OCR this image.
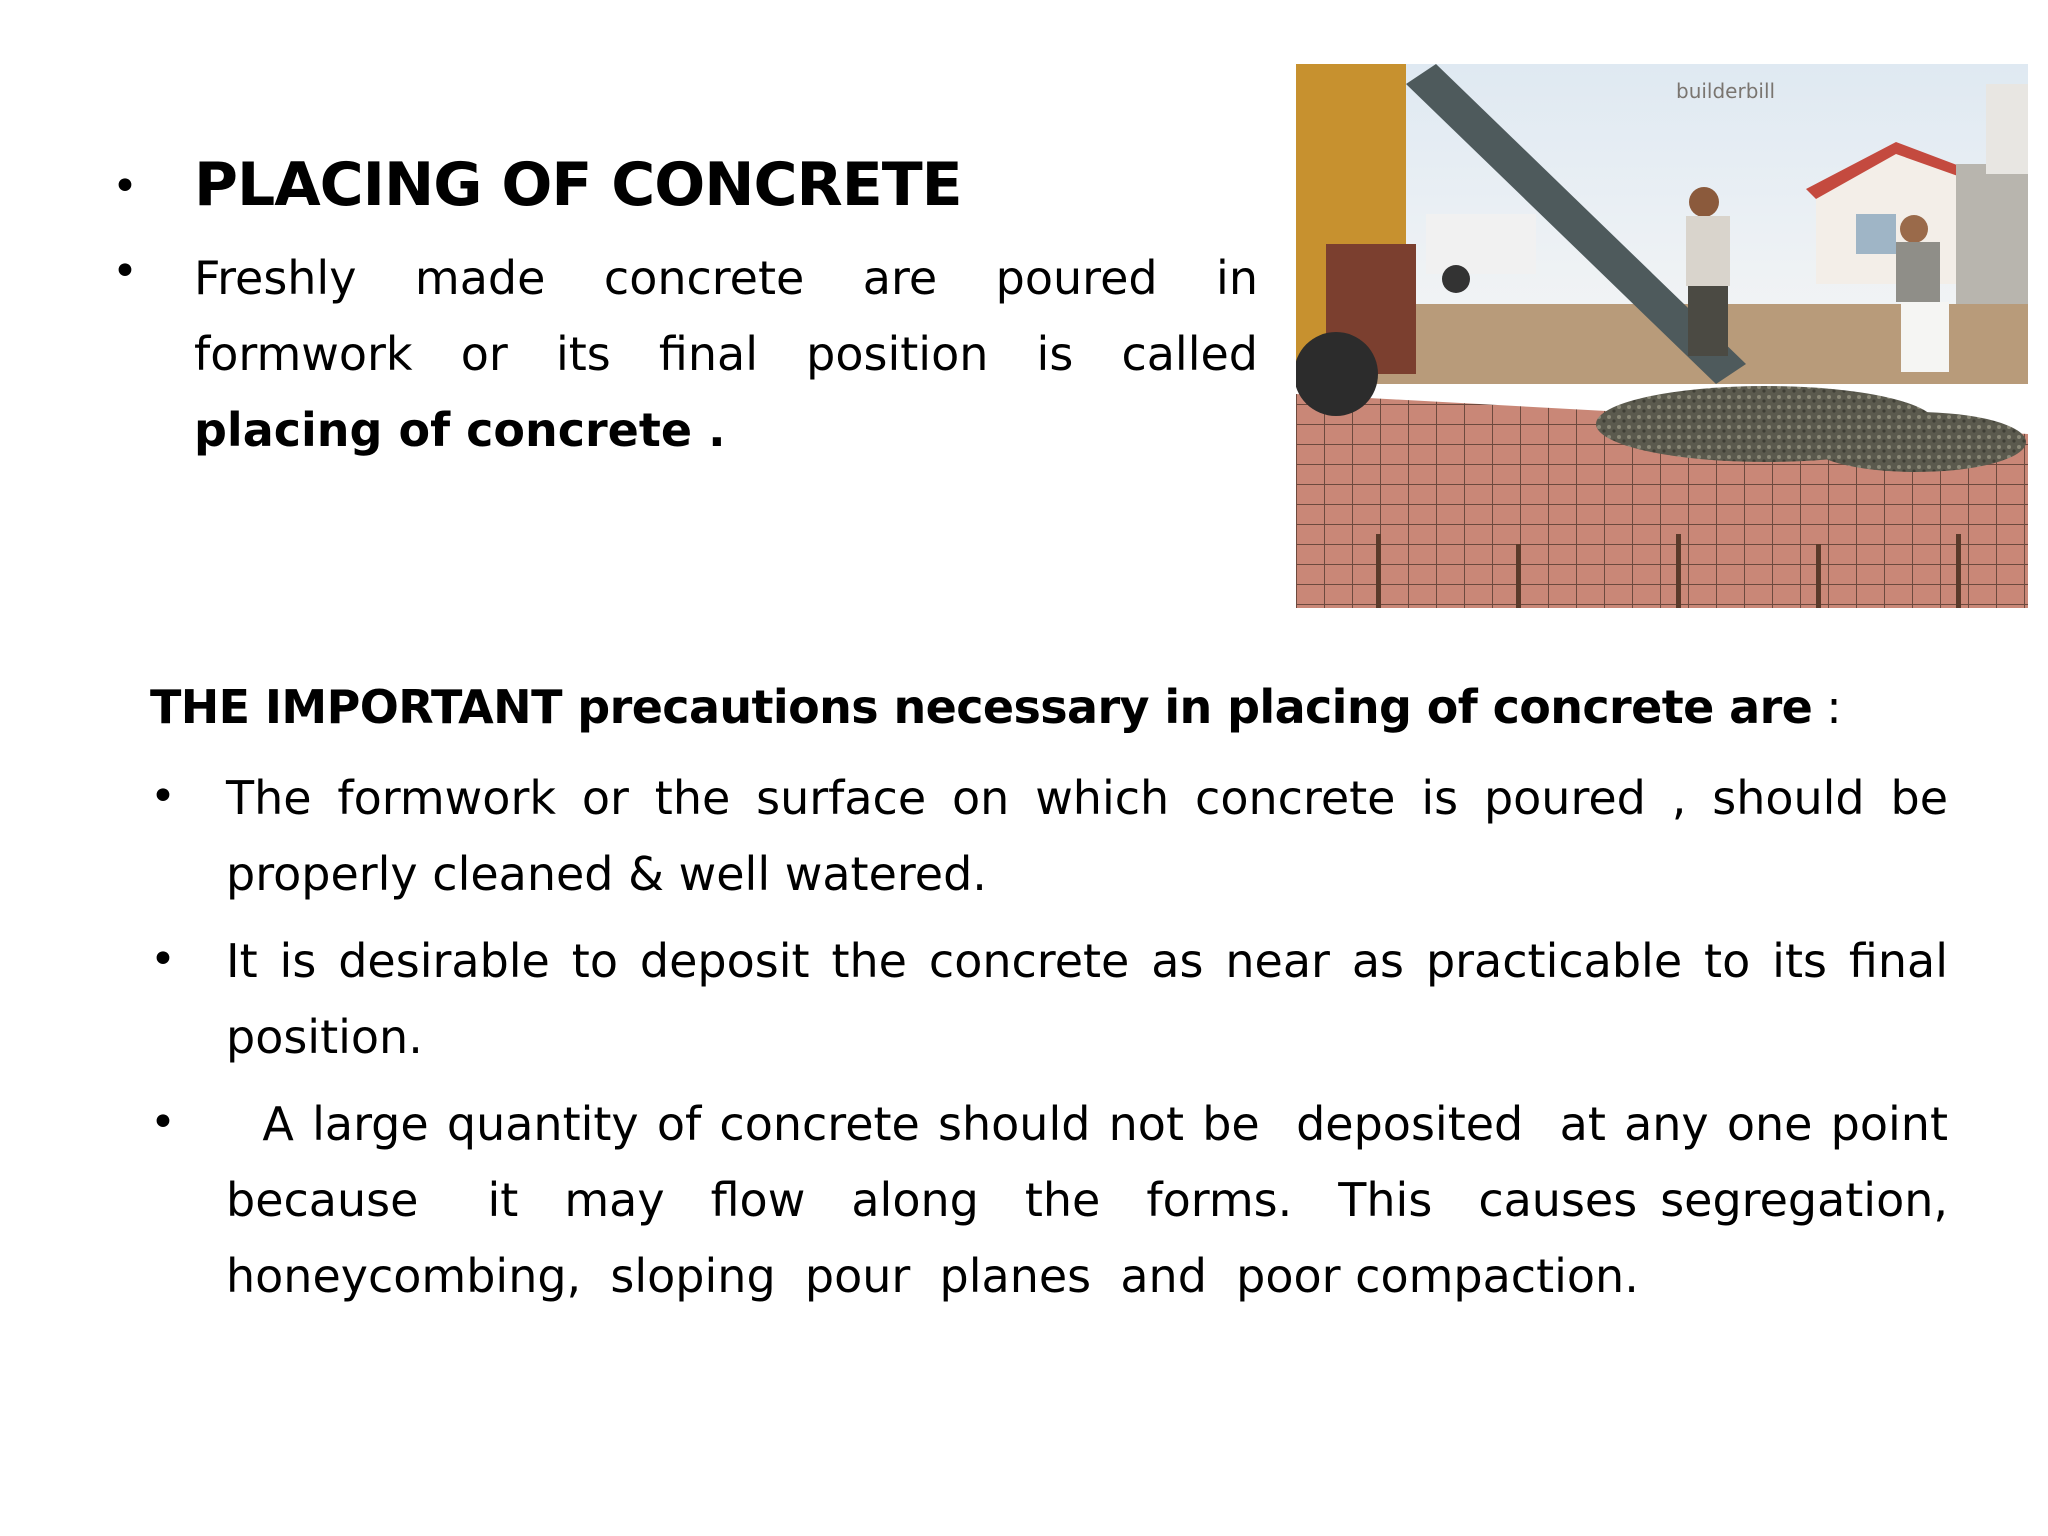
• PLACING OF CONCRETE
• Freshly made concrete are poured in formwork or its final position is called placing of concrete .
builderbill
THE IMPORTANT precautions necessary in placing of concrete are :
• The formwork or the surface on which concrete is poured , should be properly cleaned & well watered.
• It is desirable to deposit the concrete as near as practicable to its final position.
• A large quantity of concrete should not be  deposited  at any one point because   it  may  flow  along  the  forms.  This  causes segregation,  honeycombing,  sloping  pour  planes  and  poor compaction.
